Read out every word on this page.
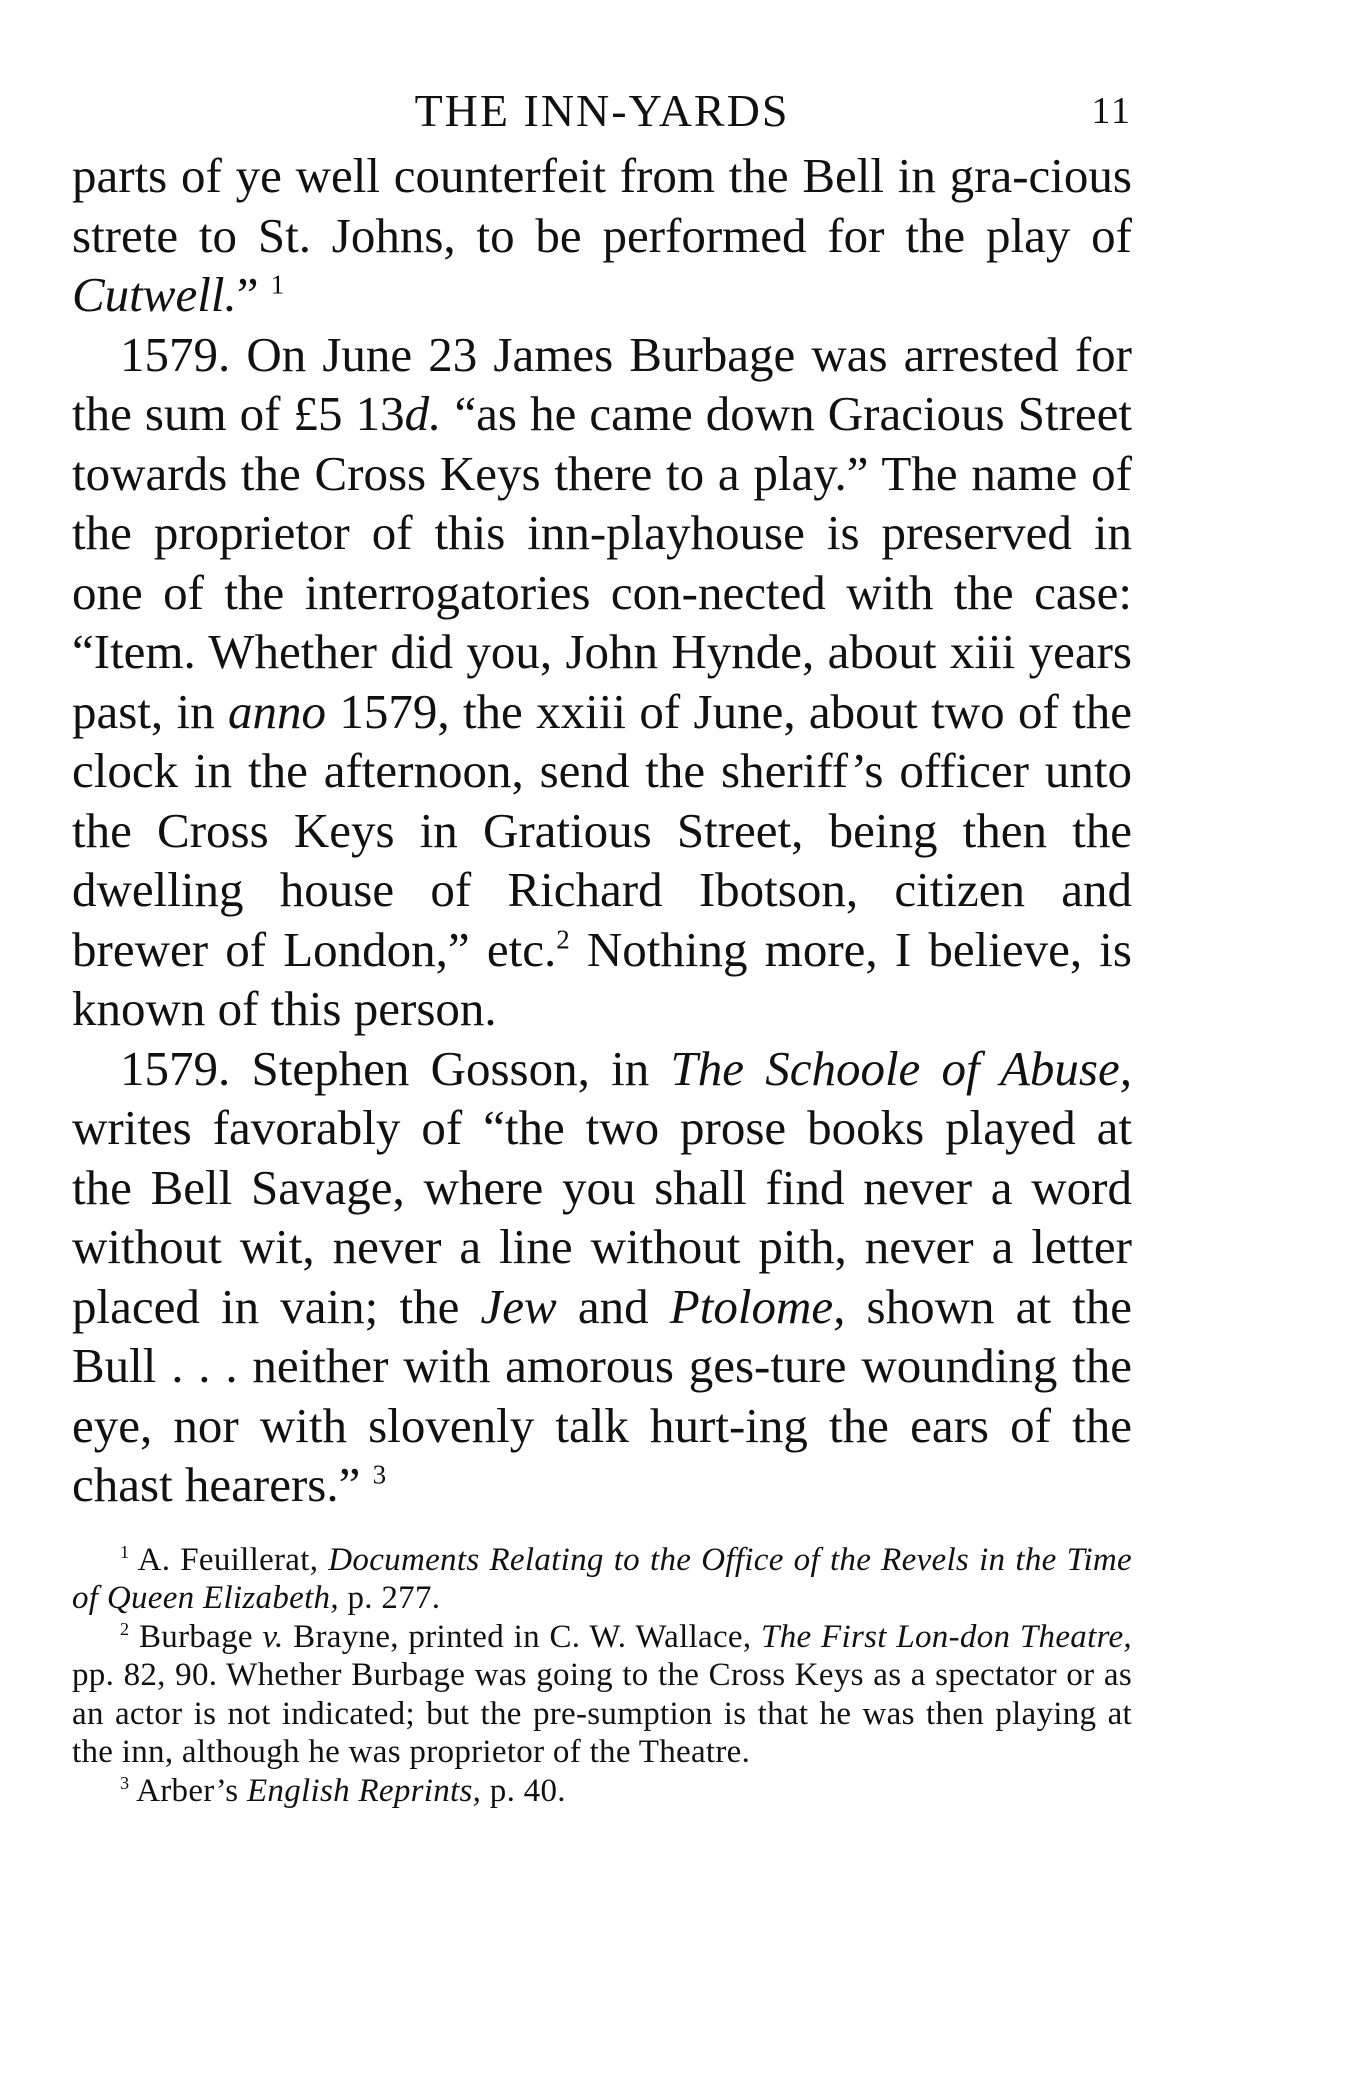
THE INN-YARDS	11

parts of ye well counterfeit from the Bell in gra-cious strete to St. Johns, to be performed for the play of Cutwell.” $^1$

1579. On June 23 James Burbage was arrested for the sum of £5 13d. “as he came down Gracious Street towards the Cross Keys there to a play.” The name of the proprietor of this inn-playhouse is preserved in one of the interrogatories con-nected with the case: “Item. Whether did you, John Hynde, about xiii years past, in anno 1579, the xxiii of June, about two of the clock in the afternoon, send the sheriff’s officer unto the Cross Keys in Gratious Street, being then the dwelling house of Richard Ibotson, citizen and brewer of London,” etc.$^2$ Nothing more, I believe, is known of this person.

1579. Stephen Gosson, in The Schoole of Abuse, writes favorably of “the two prose books played at the Bell Savage, where you shall find never a word without wit, never a line without pith, never a letter placed in vain; the Jew and Ptolome, shown at the Bull . . . neither with amorous ges-ture wounding the eye, nor with slovenly talk hurt-ing the ears of the chast hearers.” $^3$

$^1$ A. Feuillerat, Documents Relating to the Office of the Revels in the Time of Queen Elizabeth, p. 277.

$^2$ Burbage v. Brayne, printed in C. W. Wallace, The First Lon-don Theatre, pp. 82, 90. Whether Burbage was going to the Cross Keys as a spectator or as an actor is not indicated; but the pre-sumption is that he was then playing at the inn, although he was proprietor of the Theatre.

$^3$ Arber’s English Reprints, p. 40.
